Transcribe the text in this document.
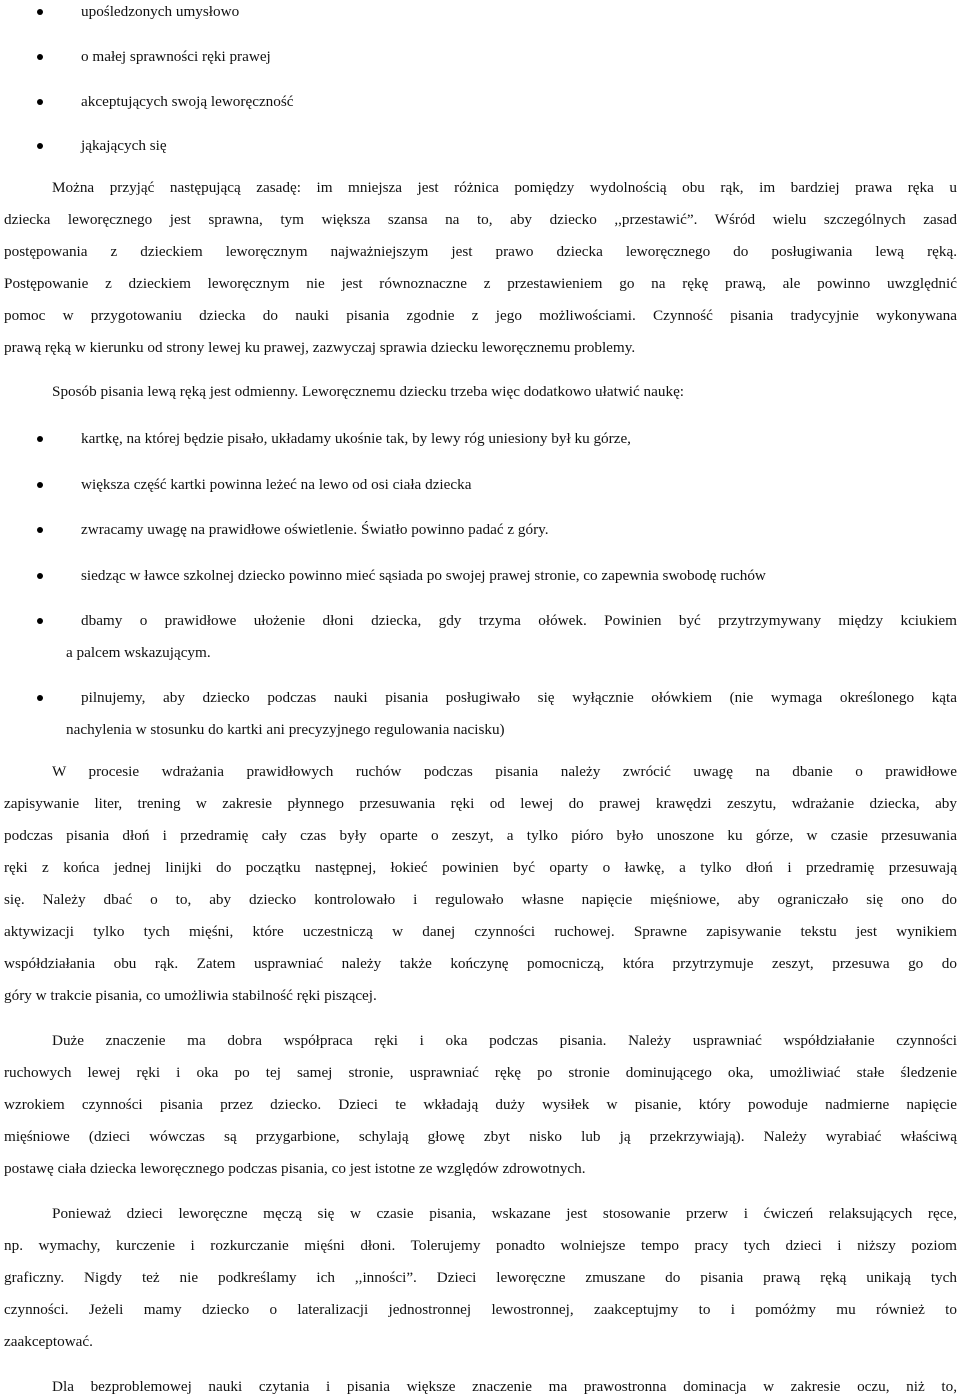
upośledzonych umysłowo
o małej sprawności ręki prawej
akceptujących swoją leworęczność
jąkających się
Można przyjąć następującą zasadę: im mniejsza jest różnica pomiędzy wydolnością obu rąk, im bardziej prawa ręka u
dziecka leworęcznego jest sprawna, tym większa szansa na to, aby dziecko ,,przestawić”. Wśród wielu szczególnych zasad
postępowania z dzieckiem leworęcznym najważniejszym jest prawo dziecka leworęcznego do posługiwania lewą ręką.
Postępowanie z dzieckiem leworęcznym nie jest równoznaczne z przestawieniem go na rękę prawą, ale powinno uwzględnić
pomoc w przygotowaniu dziecka do nauki pisania zgodnie z jego możliwościami. Czynność pisania tradycyjnie wykonywana
prawą ręką w kierunku od strony lewej ku prawej, zazwyczaj sprawia dziecku leworęcznemu problemy.
Sposób pisania lewą ręką jest odmienny. Leworęcznemu dziecku trzeba więc dodatkowo ułatwić naukę:
kartkę, na której będzie pisało, układamy ukośnie tak, by lewy róg uniesiony był ku górze,
większa część kartki powinna leżeć na lewo od osi ciała dziecka
zwracamy uwagę na prawidłowe oświetlenie. Światło powinno padać z góry.
siedząc w ławce szkolnej dziecko powinno mieć sąsiada po swojej prawej stronie, co zapewnia swobodę ruchów
dbamy o prawidłowe ułożenie dłoni dziecka, gdy trzyma ołówek. Powinien być przytrzymywany między kciukiem
a palcem wskazującym.
pilnujemy, aby dziecko podczas nauki pisania posługiwało się wyłącznie ołówkiem (nie wymaga określonego kąta
nachylenia w stosunku do kartki ani precyzyjnego regulowania nacisku)
W procesie wdrażania prawidłowych ruchów podczas pisania należy zwrócić uwagę na dbanie o prawidłowe
zapisywanie liter, trening w zakresie płynnego przesuwania ręki od lewej do prawej krawędzi zeszytu, wdrażanie dziecka, aby
podczas pisania dłoń i przedramię cały czas były oparte o zeszyt, a tylko pióro było unoszone ku górze, w czasie przesuwania
ręki z końca jednej linijki do początku następnej, łokieć powinien być oparty o ławkę, a tylko dłoń i przedramię przesuwają
się. Należy dbać o to, aby dziecko kontrolowało i regulowało własne napięcie mięśniowe, aby ograniczało się ono do
aktywizacji tylko tych mięśni, które uczestniczą w danej czynności ruchowej. Sprawne zapisywanie tekstu jest wynikiem
współdziałania obu rąk. Zatem usprawniać należy także kończynę pomocniczą, która przytrzymuje zeszyt, przesuwa go do
góry w trakcie pisania, co umożliwia stabilność ręki piszącej.
Duże znaczenie ma dobra współpraca ręki i oka podczas pisania. Należy usprawniać współdziałanie czynności
ruchowych lewej ręki i oka po tej samej stronie, usprawniać rękę po stronie dominującego oka, umożliwiać stałe śledzenie
wzrokiem czynności pisania przez dziecko. Dzieci te wkładają duży wysiłek w pisanie, który powoduje nadmierne napięcie
mięśniowe (dzieci wówczas są przygarbione, schylają głowę zbyt nisko lub ją przekrzywiają). Należy wyrabiać właściwą
postawę ciała dziecka leworęcznego podczas pisania, co jest istotne ze względów zdrowotnych.
Ponieważ dzieci leworęczne męczą się w czasie pisania, wskazane jest stosowanie przerw i ćwiczeń relaksujących ręce,
np. wymachy, kurczenie i rozkurczanie mięśni dłoni. Tolerujemy ponadto wolniejsze tempo pracy tych dzieci i niższy poziom
graficzny. Nigdy też nie podkreślamy ich ,,inności”. Dzieci leworęczne zmuszane do pisania prawą ręką unikają tych
czynności. Jeżeli mamy dziecko o lateralizacji jednostronnej lewostronnej, zaakceptujmy to i pomóżmy mu również to
zaakceptować.
Dla bezproblemowej nauki czytania i pisania większe znaczenie ma prawostronna dominacja w zakresie oczu, niż to,
